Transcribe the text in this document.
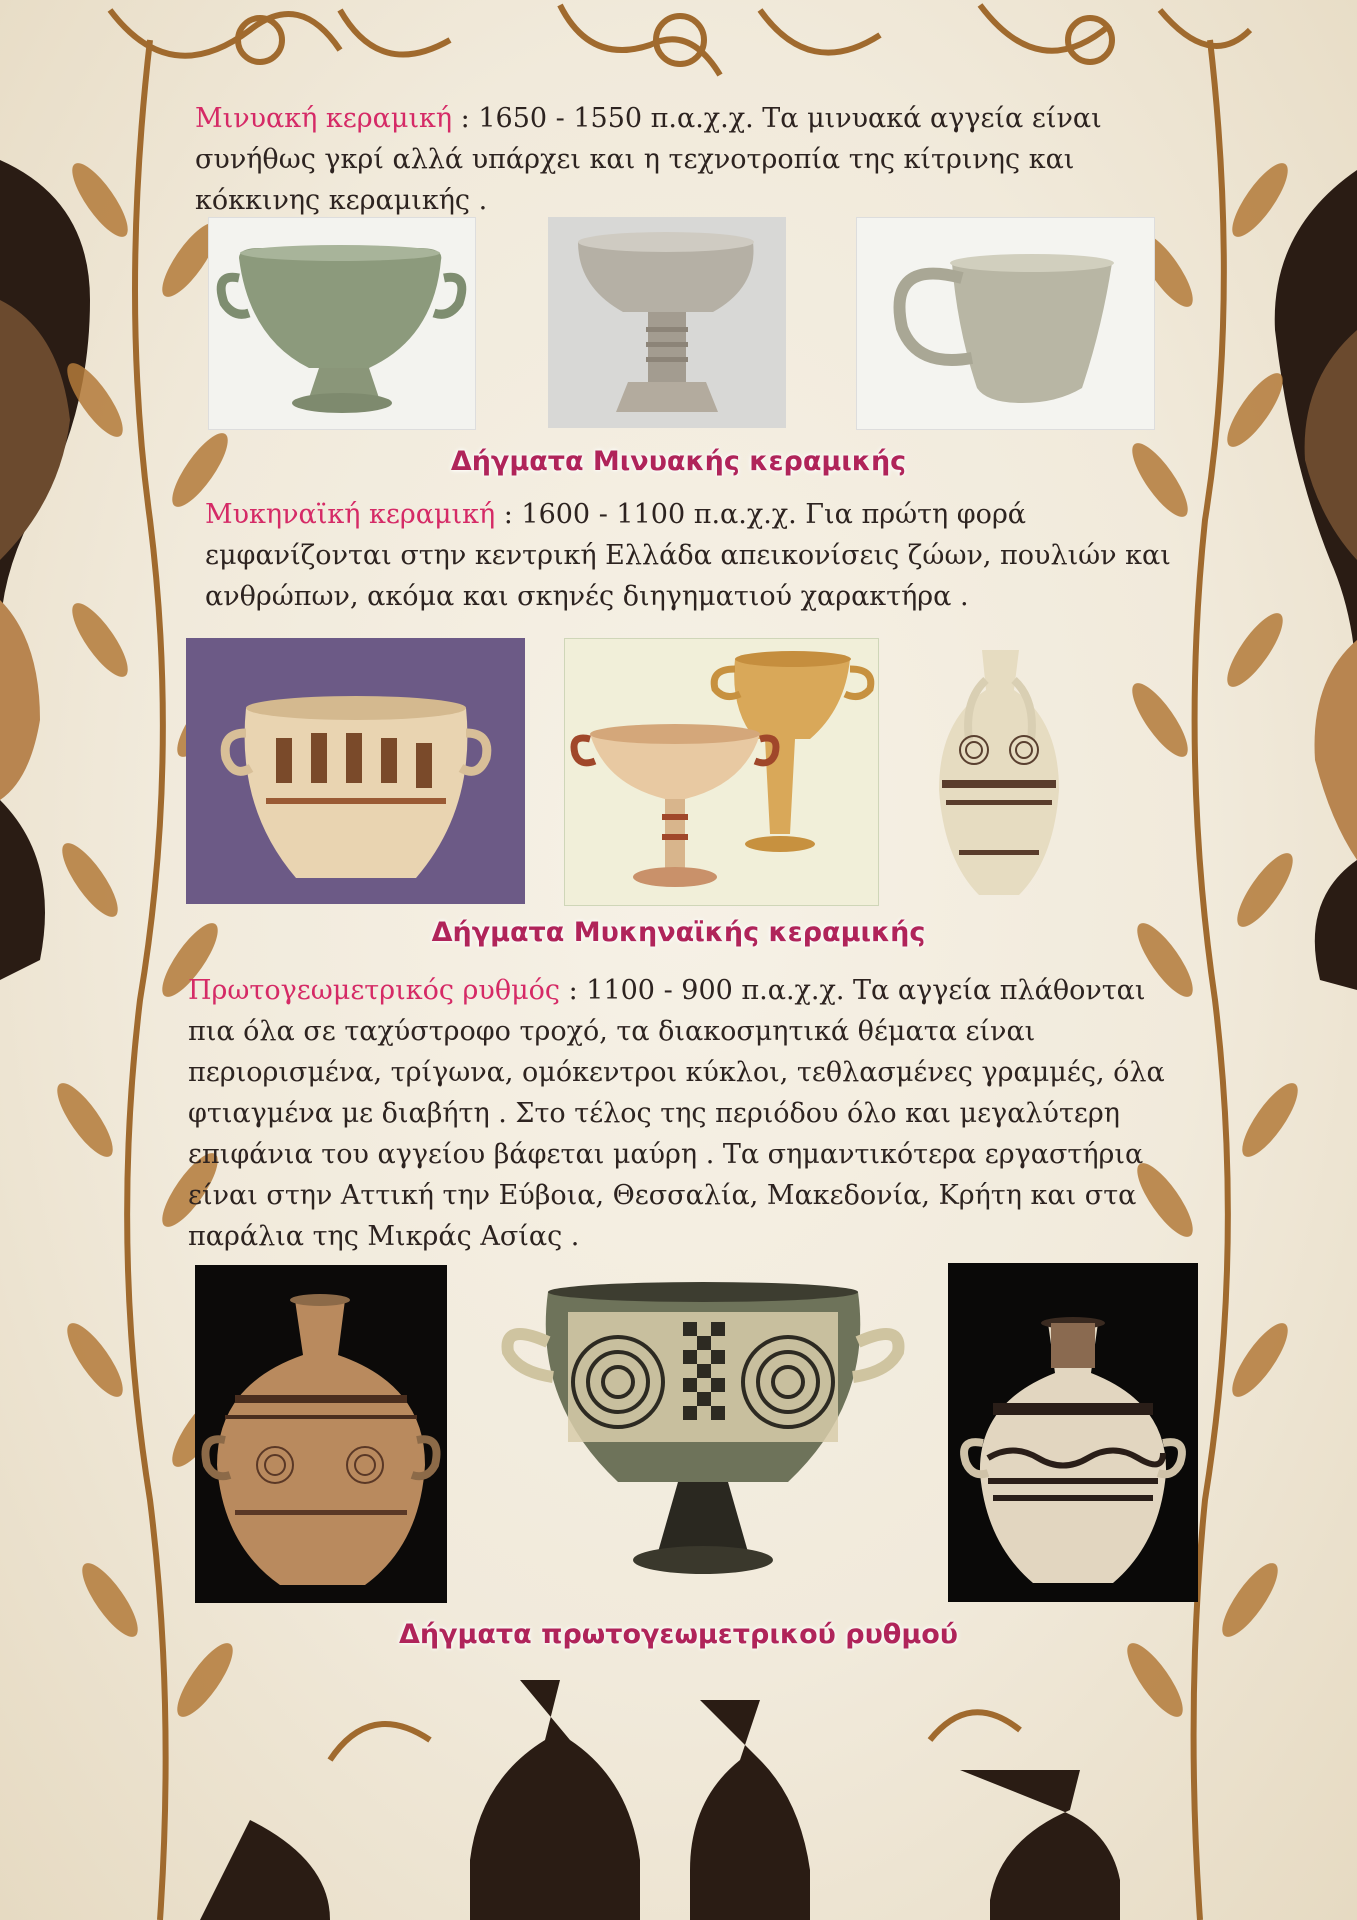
Μινυακή κεραμική : 1650 - 1550 π.α.χ.χ. Τα μινυακά αγγεία είναι συνήθως γκρί αλλά υπάρχει και η τεχνοτροπία της κίτρινης και κόκκινης κεραμικής .
Δήγματα Μινυακής κεραμικής
Μυκηναϊκή κεραμική : 1600 - 1100 π.α.χ.χ. Για πρώτη φορά εμφανίζονται στην κεντρική Ελλάδα απεικονίσεις ζώων, πουλιών και ανθρώπων, ακόμα και σκηνές διηγηματιού χαρακτήρα .
Δήγματα Μυκηναϊκής κεραμικής
Πρωτογεωμετρικός ρυθμός : 1100 - 900 π.α.χ.χ. Τα αγγεία πλάθονται πια όλα σε ταχύστροφο τροχό, τα διακοσμητικά θέματα είναι περιορισμένα, τρίγωνα, ομόκεντροι κύκλοι, τεθλασμένες γραμμές, όλα φτιαγμένα με διαβήτη . Στο τέλος της περιόδου όλο και μεγαλύτερη επιφάνια του αγγείου βάφεται μαύρη . Τα σημαντικότερα εργαστήρια είναι στην Αττική την Εύβοια, Θεσσαλία, Μακεδονία, Κρήτη και στα παράλια της Μικράς Ασίας .
Δήγματα πρωτογεωμετρικού ρυθμού
